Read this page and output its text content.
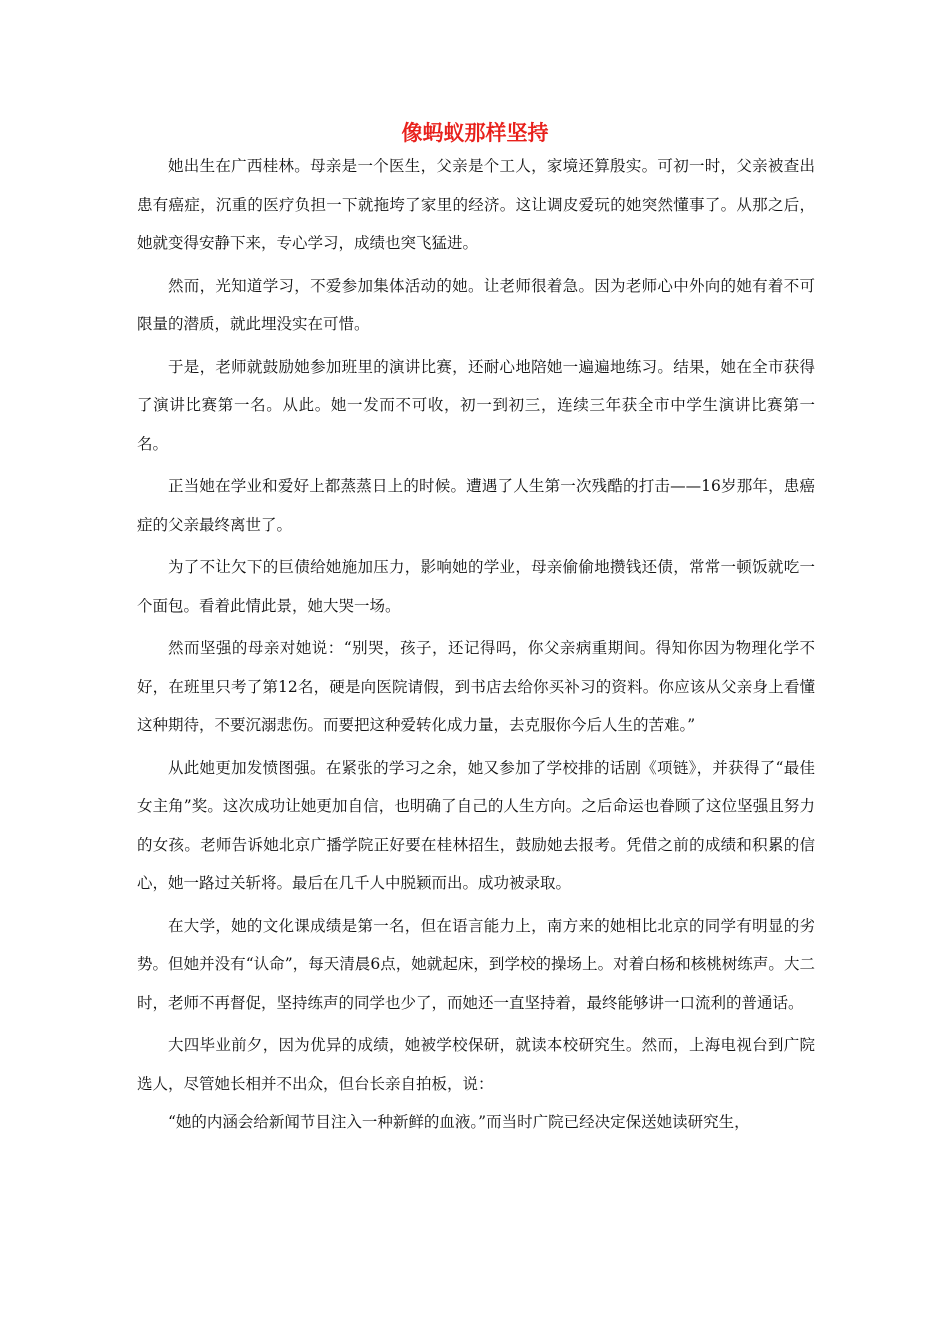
像蚂蚁那样坚持

她出生在广西桂林。母亲是一个医生，父亲是个工人，家境还算殷实。可初一时，父亲被查出患有癌症，沉重的医疗负担一下就拖垮了家里的经济。这让调皮爱玩的她突然懂事了。从那之后，她就变得安静下来，专心学习，成绩也突飞猛进。

然而，光知道学习，不爱参加集体活动的她。让老师很着急。因为老师心中外向的她有着不可限量的潜质，就此埋没实在可惜。

于是，老师就鼓励她参加班里的演讲比赛，还耐心地陪她一遍遍地练习。结果，她在全市获得了演讲比赛第一名。从此。她一发而不可收，初一到初三，连续三年获全市中学生演讲比赛第一名。

正当她在学业和爱好上都蒸蒸日上的时候。遭遇了人生第一次残酷的打击——16岁那年，患癌症的父亲最终离世了。

为了不让欠下的巨债给她施加压力，影响她的学业，母亲偷偷地攒钱还债，常常一顿饭就吃一个面包。看着此情此景，她大哭一场。

然而坚强的母亲对她说：“别哭，孩子，还记得吗，你父亲病重期间。得知你因为物理化学不好，在班里只考了第12名，硬是向医院请假，到书店去给你买补习的资料。你应该从父亲身上看懂这种期待，不要沉溺悲伤。而要把这种爱转化成力量，去克服你今后人生的苦难。”

从此她更加发愤图强。在紧张的学习之余，她又参加了学校排的话剧《项链》，并获得了“最佳女主角”奖。这次成功让她更加自信，也明确了自己的人生方向。之后命运也眷顾了这位坚强且努力的女孩。老师告诉她北京广播学院正好要在桂林招生，鼓励她去报考。凭借之前的成绩和积累的信心，她一路过关斩将。最后在几千人中脱颖而出。成功被录取。

在大学，她的文化课成绩是第一名，但在语言能力上，南方来的她相比北京的同学有明显的劣势。但她并没有“认命”，每天清晨6点，她就起床，到学校的操场上。对着白杨和核桃树练声。大二时，老师不再督促，坚持练声的同学也少了，而她还一直坚持着，最终能够讲一口流利的普通话。

大四毕业前夕，因为优异的成绩，她被学校保研，就读本校研究生。然而，上海电视台到广院选人，尽管她长相并不出众，但台长亲自拍板，说：

“她的内涵会给新闻节目注入一种新鲜的血液。”而当时广院已经决定保送她读研究生，
